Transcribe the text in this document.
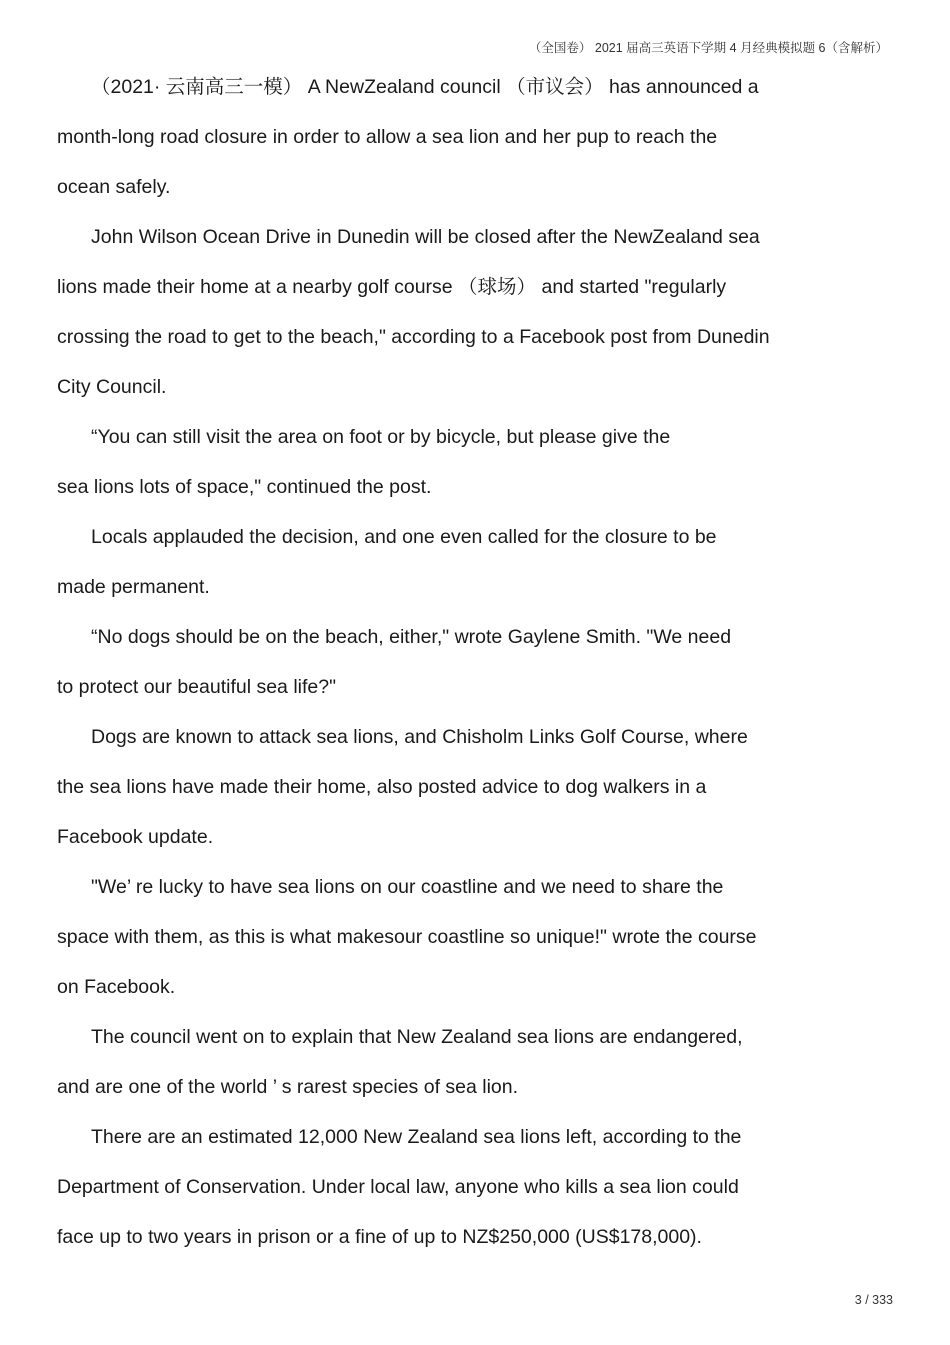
（全国卷） 2021 届高三英语下学期 4 月经典模拟题 6（含解析）
（2021· 云南高三一模） A NewZealand council （市议会） has announced a
month-long road closure in order to allow a sea lion and her pup to reach the
ocean safely.
John Wilson Ocean Drive in Dunedin will be closed after the NewZealand sea
lions made their home at a nearby golf course （球场） and started "regularly
crossing the road to get to the beach," according to a Facebook post from Dunedin
City Council.
“You can still visit the area on foot or by bicycle, but please give the
sea lions lots of space," continued the post.
Locals applauded the decision, and one even called for the closure to be
made permanent.
“No dogs should be on the beach, either," wrote Gaylene Smith. "We need
to protect our beautiful sea life?"
Dogs are known to attack sea lions, and Chisholm Links Golf Course, where
the sea lions have made their home, also posted advice to dog walkers in a
Facebook update.
"We’ re lucky to have sea lions on our coastline and we need to share the
space with them, as this is what makesour coastline so unique!" wrote the course
on Facebook.
The council went on to explain that New Zealand sea lions are endangered,
and are one of the world ’ s rarest species of sea lion.
There are an estimated 12,000 New Zealand sea lions left, according to the
Department of Conservation. Under local law, anyone who kills a sea lion could
face up to two years in prison or a fine of up to NZ$250,000 (US$178,000).
3 / 333
